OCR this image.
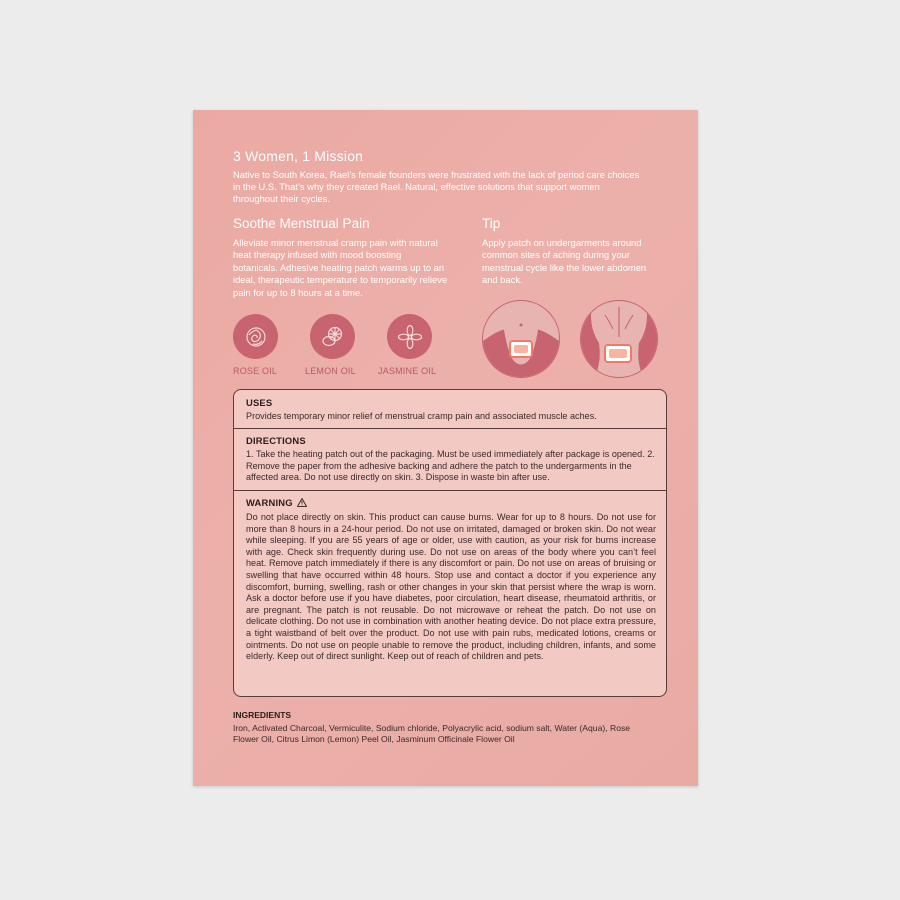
3 Women, 1 Mission
Native to South Korea, Rael’s female founders were frustrated with the lack of period care choices in the U.S. That’s why they created Rael. Natural, effective solutions that support women throughout their cycles.
Soothe Menstrual Pain
Alleviate minor menstrual cramp pain with natural heat therapy infused with mood boosting botanicals. Adhesive heating patch warms up to an ideal, therapeutic temperature to temporarily relieve pain for up to 8 hours at a time.
Tip
Apply patch on undergarments around common sites of aching during your menstrual cycle like the lower abdomen and back.
ROSE OIL	LEMON OIL JASMINE OIL
USES
Provides temporary minor relief of menstrual cramp pain and associated muscle aches.
DIRECTIONS
1. Take the heating patch out of the packaging. Must be used immediately after package is opened. 2. Remove the paper from the adhesive backing and adhere the patch to the undergarments in the affected area. Do not use directly on skin. 3. Dispose in waste bin after use.
WARNING
Do not place directly on skin. This product can cause burns. Wear for up to 8 hours. Do not use for more than 8 hours in a 24-hour period. Do not use on irritated, damaged or broken skin. Do not wear while sleeping. If you are 55 years of age or older, use with caution, as your risk for burns increase with age. Check skin frequently during use. Do not use on areas of the body where you can’t feel heat. Remove patch immediately if there is any discomfort or pain. Do not use on areas of bruising or swelling that have occurred within 48 hours. Stop use and contact a doctor if you experience any discomfort, burning, swelling, rash or other changes in your skin that persist where the wrap is worn. Ask a doctor before use if you have diabetes, poor circulation, heart disease, rheumatoid arthritis, or are pregnant. The patch is not reusable. Do not microwave or reheat the patch. Do not use on delicate clothing. Do not use in combination with another heating device. Do not place extra pressure, a tight waistband of belt over the product. Do not use with pain rubs, medicated lotions, creams or ointments. Do not use on people unable to remove the product, including children, infants, and some elderly. Keep out of direct sunlight. Keep out of reach of children and pets.
INGREDIENTS
Iron, Activated Charcoal, Vermiculite, Sodium chloride, Polyacrylic acid, sodium salt, Water (Aqua), Rose Flower Oil, Citrus Limon (Lemon) Peel Oil, Jasminum Officinale Flower Oil
